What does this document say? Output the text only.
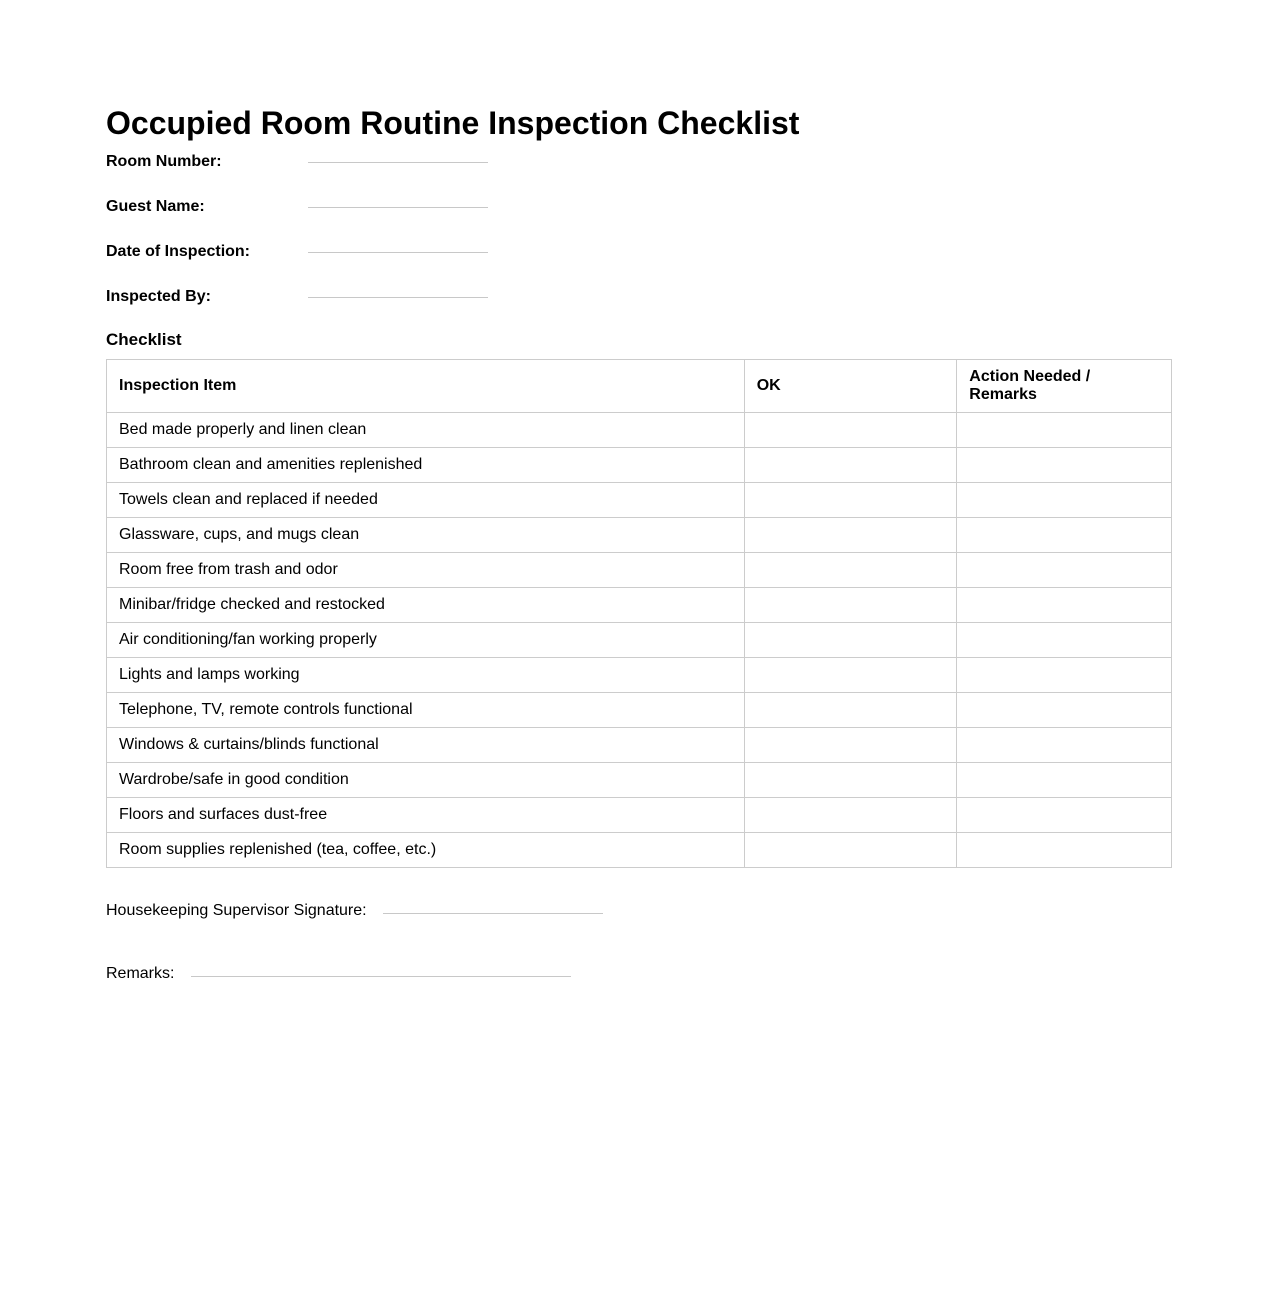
Occupied Room Routine Inspection Checklist
Room Number:
Guest Name:
Date of Inspection:
Inspected By:
Checklist
Inspection Item	OK	Action Needed / Remarks
Bed made properly and linen clean		
Bathroom clean and amenities replenished		
Towels clean and replaced if needed		
Glassware, cups, and mugs clean		
Room free from trash and odor		
Minibar/fridge checked and restocked		
Air conditioning/fan working properly		
Lights and lamps working		
Telephone, TV, remote controls functional		
Windows & curtains/blinds functional		
Wardrobe/safe in good condition		
Floors and surfaces dust-free		
Room supplies replenished (tea, coffee, etc.)		
Housekeeping Supervisor Signature:
Remarks:
